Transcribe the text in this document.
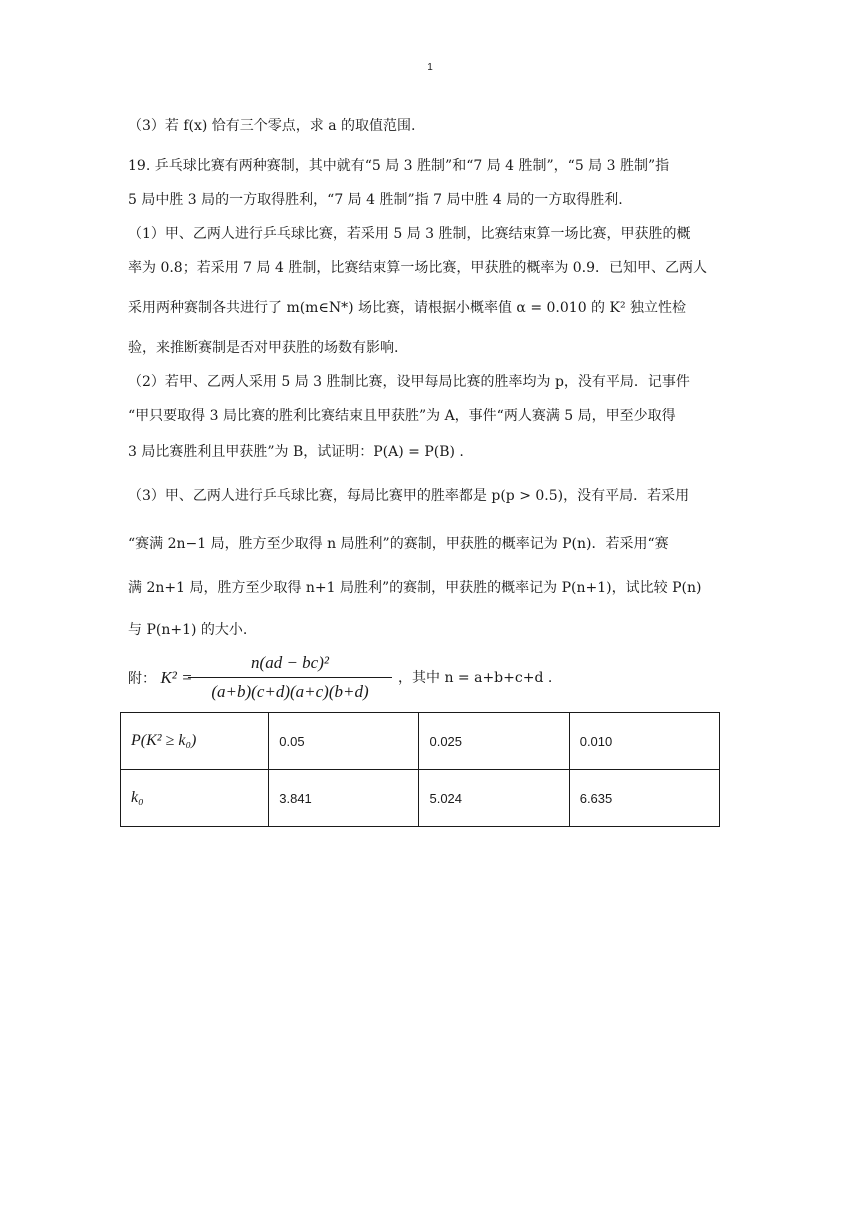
1
（3）若 f(x) 恰有三个零点，求 a 的取值范围.
19. 乒乓球比赛有两种赛制，其中就有“5 局 3 胜制”和“7 局 4 胜制”，“5 局 3 胜制”指
5 局中胜 3 局的一方取得胜利，“7 局 4 胜制”指 7 局中胜 4 局的一方取得胜利.
（1）甲、乙两人进行乒乓球比赛，若采用 5 局 3 胜制，比赛结束算一场比赛，甲获胜的概
率为 0.8；若采用 7 局 4 胜制，比赛结束算一场比赛，甲获胜的概率为 0.9．已知甲、乙两人
采用两种赛制各共进行了 m(m∈N*) 场比赛，请根据小概率值 α = 0.010 的 K² 独立性检
验，来推断赛制是否对甲获胜的场数有影响.
（2）若甲、乙两人采用 5 局 3 胜制比赛，设甲每局比赛的胜率均为 p，没有平局．记事件
“甲只要取得 3 局比赛的胜利比赛结束且甲获胜”为 A，事件“两人赛满 5 局，甲至少取得
3 局比赛胜利且甲获胜”为 B，试证明：P(A) = P(B) .
（3）甲、乙两人进行乒乓球比赛，每局比赛甲的胜率都是 p(p > 0.5)，没有平局．若采用
“赛满 2n−1 局，胜方至少取得 n 局胜利”的赛制，甲获胜的概率记为 P(n)．若采用“赛
满 2n+1 局，胜方至少取得 n+1 局胜利”的赛制，甲获胜的概率记为 P(n+1)，试比较 P(n)
与 P(n+1) 的大小.
附： K² =
n(ad − bc)²
(a+b)(c+d)(a+c)(b+d)
，其中 n = a+b+c+d .
P(K² ≥ k₀)	0.05	0.025	0.010
k₀	3.841	5.024	6.635
